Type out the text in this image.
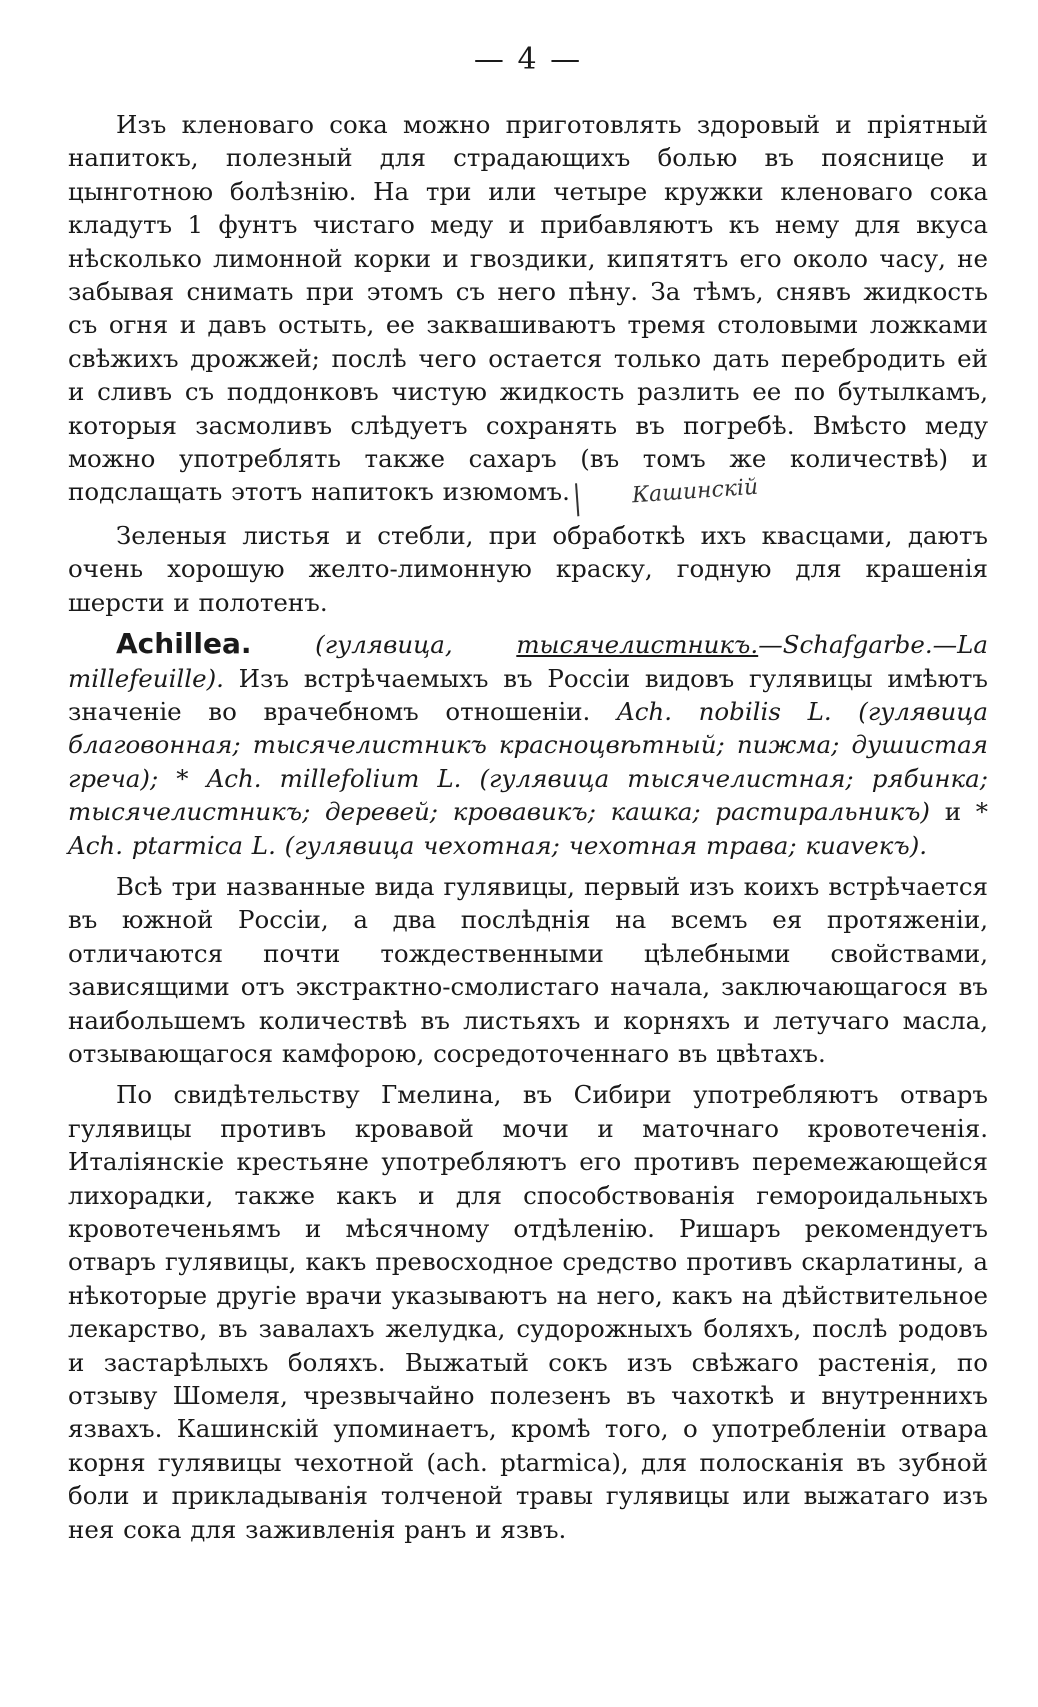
— 4 —

Изъ кленоваго сока можно приготовлять здоровый и пріятный напитокъ, полезный для страдающихъ болью въ пояснице и цынготною болѣзнію. На три или четыре кружки кленоваго сока кладутъ 1 фунтъ чистаго меду и прибавляютъ къ нему для вкуса нѣсколько лимонной корки и гвоздики, кипятятъ его около часу, не забывая снимать при этомъ съ него пѣну. За тѣмъ, снявъ жидкость съ огня и давъ остыть, ее заквашиваютъ тремя столовыми ложками свѣжихъ дрожжей; послѣ чего остается только дать перебродить ей и сливъ съ поддонковъ чистую жидкость разлить ее по бутылкамъ, которыя засмоливъ слѣдуетъ сохранять въ погребѣ. Вмѣсто меду можно употреблять также сахаръ (въ томъ же количествѣ) и подслащать этотъ напитокъ изюмомъ.	Кашинскій

Зеленыя листья и стебли, при обработкѣ ихъ квасцами, даютъ очень хорошую желто-лимонную краску, годную для крашенія шерсти и полотенъ.

Achillea.	(гулявица, тысячелистникъ.—Schafgarbe.—La millefeuille). Изъ встрѣчаемыхъ въ Россіи видовъ гулявицы имѣютъ значеніе во врачебномъ отношеніи. Ach. nobilis L. (гулявица благовонная; тысячелистникъ красноцвѣтный; пижма; душистая греча); * Ach. millefolium L. (гулявица тысячелистная; рябинка; тысячелистникъ; деревей; кровавикъ; кашка; растиральникъ) и * Ach. ptarmica L. (гулявица чехотная; чехотная трава; киаvекъ).

Всѣ три названные вида гулявицы, первый изъ коихъ встрѣчается въ южной Россіи, а два послѣднія на всемъ ея протяженіи, отличаются почти тождественными цѣлебными свойствами, зависящими отъ экстрактно-смолистаго начала, заключающагося въ наибольшемъ количествѣ въ листьяхъ и корняхъ и летучаго масла, отзывающагося камфорою, сосредоточеннаго въ цвѣтахъ.

По свидѣтельству Гмелина, въ Сибири употребляютъ отваръ гулявицы противъ кровавой мочи и маточнаго кровотеченія. Италіянскіе крестьяне употребляютъ его противъ перемежающейся лихорадки, также какъ и для способствованія гемороидальныхъ кровотеченьямъ и мѣсячному отдѣленію. Ришаръ рекомендуетъ отваръ гулявицы, какъ превосходное средство противъ скарлатины, а нѣкоторые другіе врачи указываютъ на него, какъ на дѣйствительное лекарство, въ завалахъ желудка, судорожныхъ боляхъ, послѣ родовъ и застарѣлыхъ боляхъ. Выжатый сокъ изъ свѣжаго растенія, по отзыву Шомеля, чрезвычайно полезенъ въ чахоткѣ и внутреннихъ язвахъ. Кашинскій упоминаетъ, кромѣ того, о употребленіи отвара корня гулявицы чехотной (ach. ptarmica), для полосканія въ зубной боли и прикладыванія толченой травы гулявицы или выжатаго изъ нея сока для заживленія ранъ и язвъ.
